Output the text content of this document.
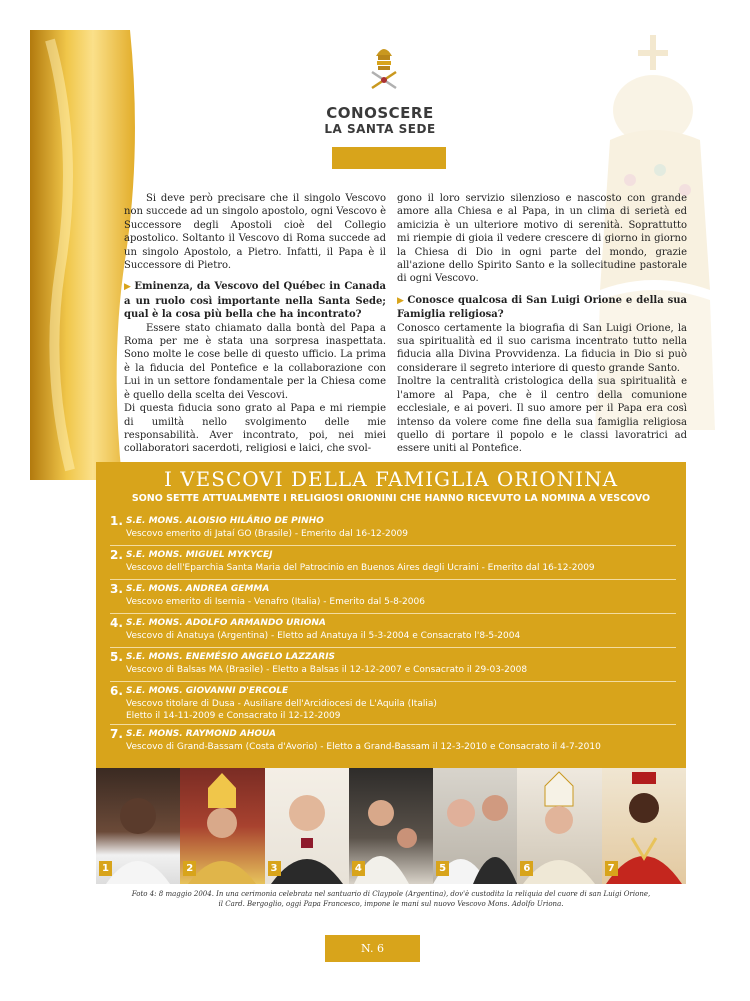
CONOSCERE
LA SANTA SEDE

Si deve però precisare che il singolo Vescovo non succede ad un singolo apostolo, ogni Vescovo è Successore degli Apostoli cioè del Collegio apostolico. Soltanto il Vescovo di Roma succede ad un singolo Apostolo, a Pietro. Infatti, il Papa è il Successore di Pietro.

▶ Eminenza, da Vescovo del Québec in Canada a un ruolo così importante nella Santa Sede; qual è la cosa più bella che ha incontrato?

Essere stato chiamato dalla bontà del Papa a Roma per me è stata una sorpresa inaspettata. Sono molte le cose belle di questo ufficio. La prima è la fiducia del Pontefice e la collaborazione con Lui in un settore fondamentale per la Chiesa come è quello della scelta dei Vescovi.

Di questa fiducia sono grato al Papa e mi riempie di umiltà nello svolgimento delle mie responsabilità. Aver incontrato, poi, nei miei collaboratori sacerdoti, religiosi e laici, che svol-

gono il loro servizio silenzioso e nascosto con grande amore alla Chiesa e al Papa, in un clima di serietà ed amicizia è un ulteriore motivo di serenità. Soprattutto mi riempie di gioia il vedere crescere di giorno in giorno la Chiesa di Dio in ogni parte del mondo, grazie all'azione dello Spirito Santo e la sollecitudine pastorale di ogni Vescovo.

▶ Conosce qualcosa di San Luigi Orione e della sua Famiglia religiosa?

Conosco certamente la biografia di San Luigi Orione, la sua spiritualità ed il suo carisma incentrato tutto nella fiducia alla Divina Provvidenza. La fiducia in Dio si può considerare il segreto interiore di questo grande Santo.

Inoltre la centralità cristologica della sua spiritualità e l'amore al Papa, che è il centro della comunione ecclesiale, e ai poveri. Il suo amore per il Papa era così intenso da volere come fine della sua famiglia religiosa quello di portare il popolo e le classi lavoratrici ad essere uniti al Pontefice.

I VESCOVI DELLA FAMIGLIA ORIONINA
SONO SETTE ATTUALMENTE I RELIGIOSI ORIONINI CHE HANNO RICEVUTO LA NOMINA A VESCOVO
1. S.E. MONS. ALOISIO HILÁRIO DE PINHO
Vescovo emerito di Jataí GO (Brasile) - Emerito dal 16-12-2009
2. S.E. MONS. MIGUEL MYKYCEJ
Vescovo dell'Eparchia Santa Maria del Patrocinio en Buenos Aires degli Ucraini - Emerito dal 16-12-2009
3. S.E. MONS. ANDREA GEMMA
Vescovo emerito di Isernia - Venafro (Italia) - Emerito dal 5-8-2006
4. S.E. MONS. ADOLFO ARMANDO URIONA
Vescovo di Anatuya (Argentina) - Eletto ad Anatuya il 5-3-2004 e Consacrato l'8-5-2004
5. S.E. MONS. ENEMÉSIO ANGELO LAZZARIS
Vescovo di Balsas MA (Brasile) - Eletto a Balsas il 12-12-2007 e Consacrato il 29-03-2008
6. S.E. MONS. GIOVANNI D'ERCOLE
Vescovo titolare di Dusa - Ausiliare dell'Arcidiocesi de L'Aquila (Italia)
Eletto il 14-11-2009 e Consacrato il 12-12-2009
7. S.E. MONS. RAYMOND AHOUA
Vescovo di Grand-Bassam (Costa d'Avorio) - Eletto a Grand-Bassam il 12-3-2010 e Consacrato il 4-7-2010
1	2	3	4	5	6	7
Foto 4: 8 maggio 2004. In una cerimonia celebrata nel santuario di Claypole (Argentina), dov'è custodita la reliquia del cuore di san Luigi Orione,
il Card. Bergoglio, oggi Papa Francesco, impone le mani sul nuovo Vescovo Mons. Adolfo Uriona.
N. 6
